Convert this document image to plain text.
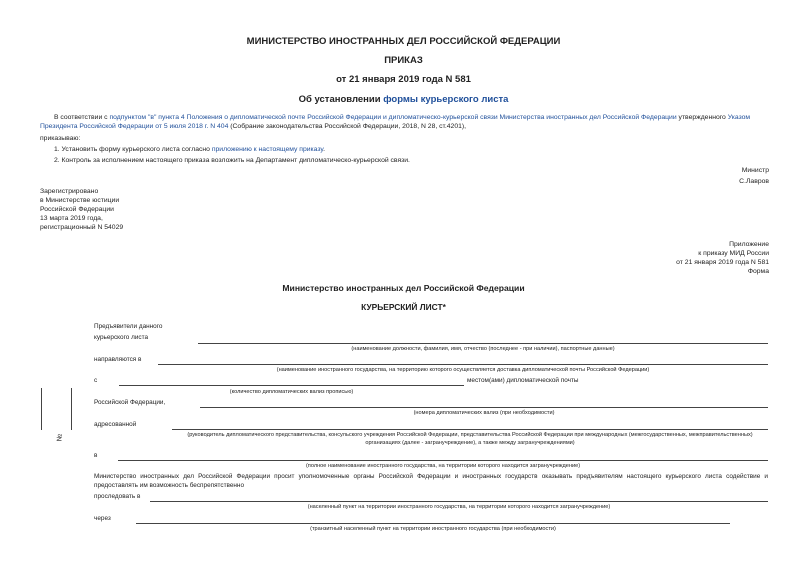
МИНИСТЕРСТВО ИНОСТРАННЫХ ДЕЛ РОССИЙСКОЙ ФЕДЕРАЦИИ
ПРИКАЗ
от 21 января 2019 года N 581
Об установлении формы курьерского листа
В соответствии с подпунктом "в" пункта 4 Положения о дипломатической почте Российской Федерации и дипломатическо-курьерской связи Министерства иностранных дел Российской Федерации утвержденного Указом Президента Российской Федерации от 5 июля 2018 г. N 404 (Собрание законодательства Российской Федерации, 2018, N 28, ст.4201),
приказываю:
1. Установить форму курьерского листа согласно приложению к настоящему приказу.
2. Контроль за исполнением настоящего приказа возложить на Департамент дипломатическо-курьерской связи.
Министр
С.Лавров
Зарегистрировано
в Министерстве юстиции
Российской Федерации
13 марта 2019 года,
регистрационный N 54029
Приложение
к приказу МИД России
от 21 января 2019 года N 581
Форма
Министерство иностранных дел Российской Федерации
КУРЬЕРСКИЙ ЛИСТ*
№
Предъявители данного
курьерского листа
(наименование должности, фамилия, имя, отчество (последнее - при наличии), паспортные данные)
направляются в
(наименование иностранного государства, на территорию которого осуществляется доставка дипломатической почты Российской Федерации)
с	местом(ами) дипломатической почты
(количество дипломатических вализ прописью)
Российской Федерации,
(номера дипломатических вализ (при необходимости)
адресованной
(руководитель дипломатического представительства, консульского учреждения Российской Федерации, представительства Российской Федерации при международных (межгосударственных, межправительственных) организациях (далее - загранучреждение), а также между загранучреждениями)
в
(полное наименование иностранного государства, на территории которого находится загранучреждение)
Министерство иностранных дел Российской Федерации просит уполномоченные органы Российской Федерации и иностранных государств оказывать предъявителям настоящего курьерского листа содействие и предоставлять им возможность беспрепятственно
проследовать в
(населенный пункт на территории иностранного государства, на территории которого находится загранучреждение)
через
(транзитный населенный пункт на территории иностранного государства (при необходимости)
